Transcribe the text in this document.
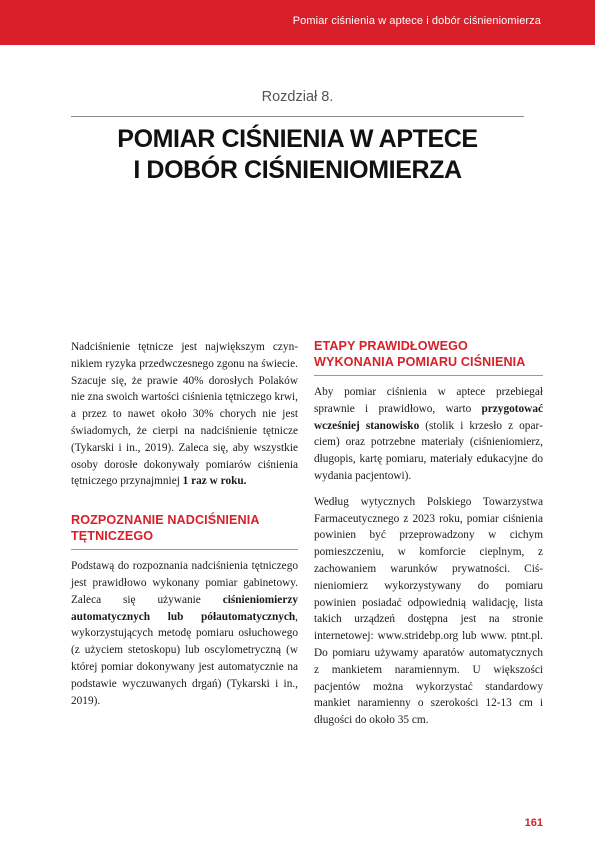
Pomiar ciśnienia w aptece i dobór ciśnieniomierza
Rozdział 8.
POMIAR CIŚNIENIA W APTECE
I DOBÓR CIŚNIENIOMIERZA

Nadciśnienie tętnicze jest największym czynnikiem ryzyka przedwczesnego zgonu na świecie. Szacuje się, że prawie 40% dorosłych Polaków nie zna swoich wartości ciśnienia tętniczego krwi, a przez to nawet około 30% chorych nie jest świadomych, że cierpi na nadciśnienie tętnicze (Tykarski i in., 2019). Zaleca się, aby wszystkie osoby dorosłe dokonywały pomiarów ciśnienia tętniczego przynajmniej 1 raz w roku.

ROZPOZNANIE NADCIŚNIENIA TĘTNICZEGO

Podstawą do rozpoznania nadciśnienia tętniczego jest prawidłowo wykonany pomiar gabinetowy. Zaleca się używanie ciśnieniomierzy automatycznych lub półautomatycznych, wykorzystujących metodę pomiaru osłuchowego (z użyciem stetoskopu) lub oscylometryczną (w której pomiar dokonywany jest automatycznie na podstawie wyczuwanych drgań) (Tykarski i in., 2019).

ETAPY PRAWIDŁOWEGO WYKONANIA POMIARU CIŚNIENIA

Aby pomiar ciśnienia w aptece przebiegał sprawnie i prawidłowo, warto przygotować wcześniej stanowisko (stolik i krzesło z oparciem) oraz potrzebne materiały (ciśnieniomierz, długopis, kartę pomiaru, materiały edukacyjne do wydania pacjentowi).

Według wytycznych Polskiego Towarzystwa Farmaceutycznego z 2023 roku, pomiar ciśnienia powinien być przeprowadzony w cichym pomieszczeniu, w komforcie cieplnym, z zachowaniem warunków prywatności. Ciśnieniomierz wykorzystywany do pomiaru powinien posiadać odpowiednią walidację, lista takich urządzeń dostępna jest na stronie internetowej: www.stridebp.org lub www. ptnt.pl. Do pomiaru używamy aparatów automatycznych z mankietem naramiennym. U większości pacjentów można wykorzystać standardowy mankiet naramienny o szerokości 12-13 cm i długości do około 35 cm.

161
